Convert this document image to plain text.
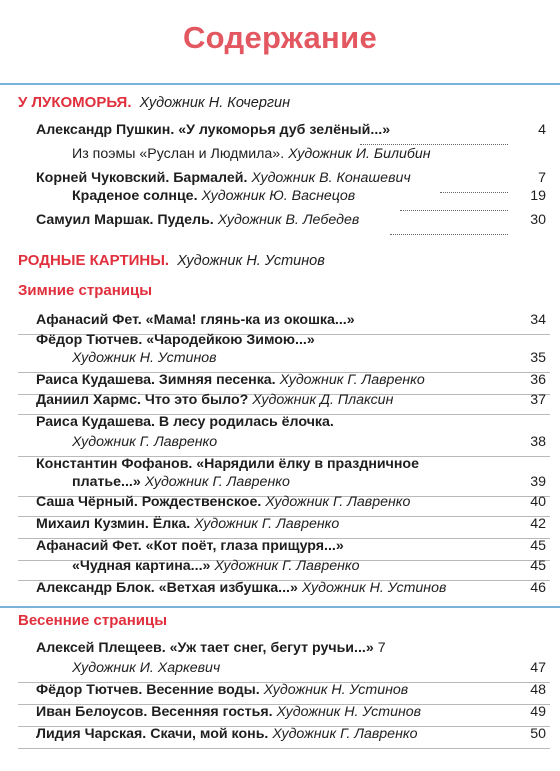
Содержание
У ЛУКОМОРЬЯ. Художник Н. Кочергин
Александр Пушкин. «У лукоморья дуб зелёный...»	4
Из поэмы «Руслан и Людмила». Художник И. Билибин
Корней Чуковский. Бармалей. Художник В. Конашевич	7
Краденое солнце. Художник Ю. Васнецов	19
Самуил Маршак. Пудель. Художник В. Лебедев	30
РОДНЫЕ КАРТИНЫ. Художник Н. Устинов
Зимние страницы
Афанасий Фет. «Мама! глянь-ка из окошка...»	34
Фёдор Тютчев. «Чародейкою Зимою...»
Художник Н. Устинов	35
Раиса Кудашева. Зимняя песенка. Художник Г. Лавренко	36
Даниил Хармс. Что это было? Художник Д. Плаксин	37
Раиса Кудашева. В лесу родилась ёлочка.
Художник Г. Лавренко	38
Константин Фофанов. «Нарядили ёлку в праздничное
платье...» Художник Г. Лавренко	39
Саша Чёрный. Рождественское. Художник Г. Лавренко	40
Михаил Кузмин. Ёлка. Художник Г. Лавренко	42
Афанасий Фет. «Кот поёт, глаза прищуря...»	45
«Чудная картина...» Художник Г. Лавренко	45
Александр Блок. «Ветхая избушка...» Художник Н. Устинов	46
Весенние страницы
Алексей Плещеев. «Уж тает снег, бегут ручьи...» 7
Художник И. Харкевич	47
Фёдор Тютчев. Весенние воды. Художник Н. Устинов	48
Иван Белоусов. Весенняя гостья. Художник Н. Устинов	49
Лидия Чарская. Скачи, мой конь. Художник Г. Лавренко	50
